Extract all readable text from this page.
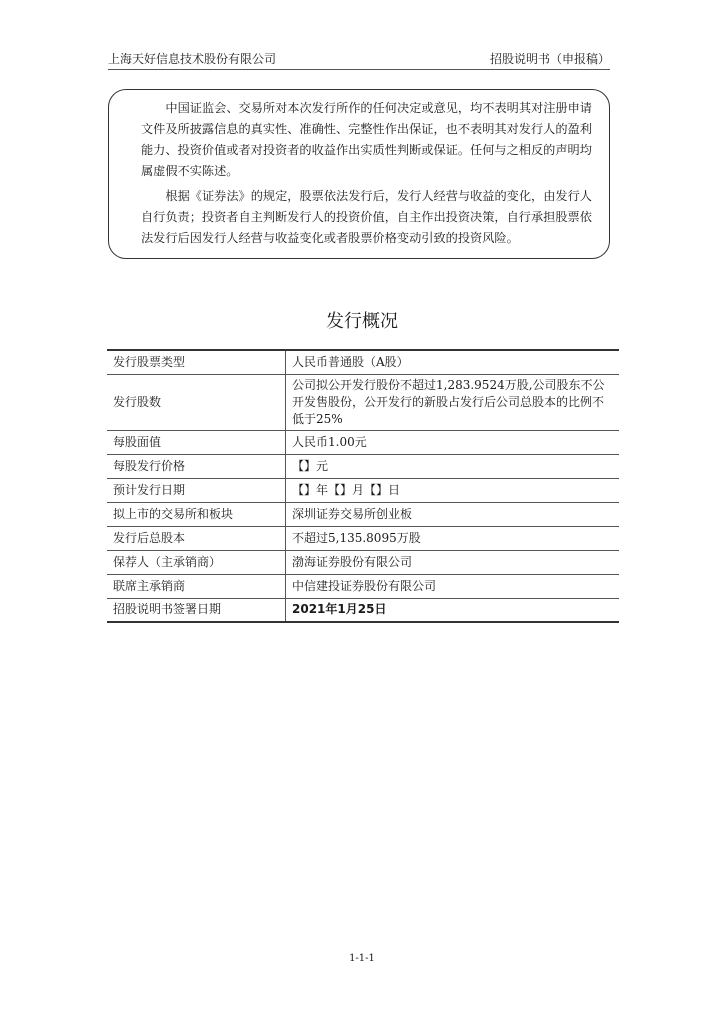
上海天好信息技术股份有限公司	招股说明书（申报稿）

中国证监会、交易所对本次发行所作的任何决定或意见，均不表明其对注册申请文件及所披露信息的真实性、准确性、完整性作出保证，也不表明其对发行人的盈利能力、投资价值或者对投资者的收益作出实质性判断或保证。任何与之相反的声明均属虚假不实陈述。

根据《证券法》的规定，股票依法发行后，发行人经营与收益的变化，由发行人自行负责；投资者自主判断发行人的投资价值，自主作出投资决策，自行承担股票依法发行后因发行人经营与收益变化或者股票价格变动引致的投资风险。

发行概况
发行股票类型	人民币普通股（A股）
发行股数	公司拟公开发行股份不超过1,283.9524万股,公司股东不公开发售股份，公开发行的新股占发行后公司总股本的比例不低于25%
每股面值	人民币1.00元
每股发行价格	【】元
预计发行日期	【】年【】月【】日
拟上市的交易所和板块	深圳证券交易所创业板
发行后总股本	不超过5,135.8095万股
保荐人（主承销商）	渤海证券股份有限公司
联席主承销商	中信建投证券股份有限公司
招股说明书签署日期	2021年1月25日
1-1-1
